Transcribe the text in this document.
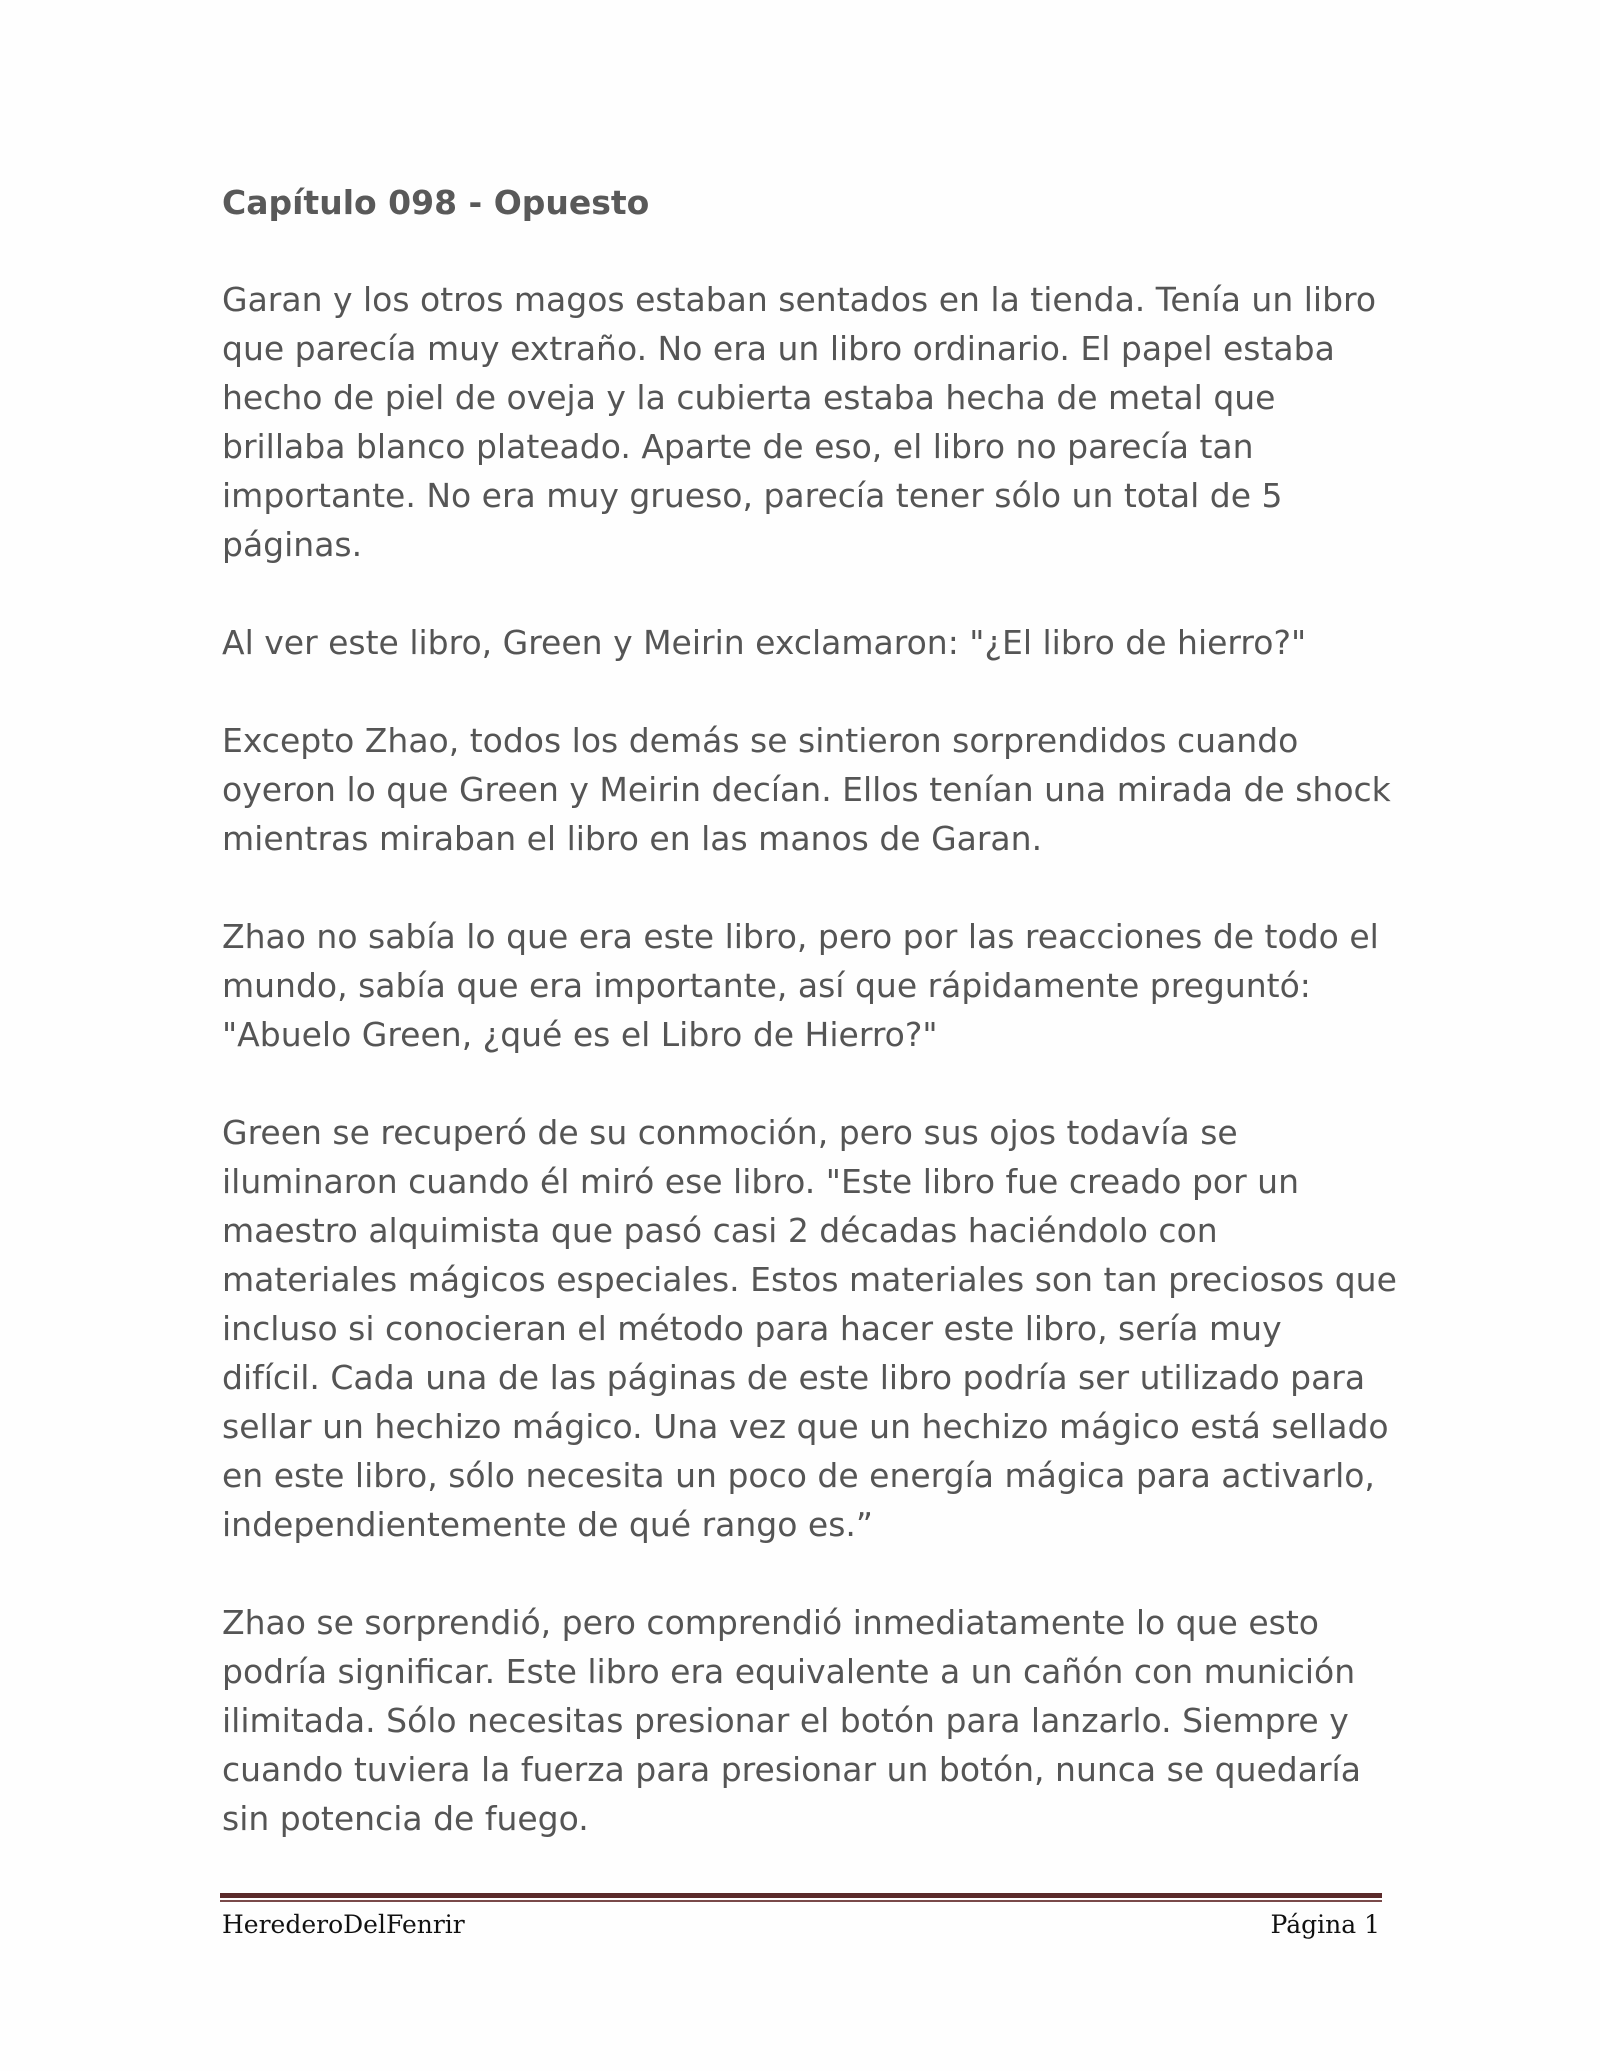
Capítulo 098 - Opuesto
Garan y los otros magos estaban sentados en la tienda. Tenía un libro
que parecía muy extraño. No era un libro ordinario. El papel estaba
hecho de piel de oveja y la cubierta estaba hecha de metal que
brillaba blanco plateado. Aparte de eso, el libro no parecía tan
importante. No era muy grueso, parecía tener sólo un total de 5
páginas.
Al ver este libro, Green y Meirin exclamaron: "¿El libro de hierro?"
Excepto Zhao, todos los demás se sintieron sorprendidos cuando
oyeron lo que Green y Meirin decían. Ellos tenían una mirada de shock
mientras miraban el libro en las manos de Garan.
Zhao no sabía lo que era este libro, pero por las reacciones de todo el
mundo, sabía que era importante, así que rápidamente preguntó:
"Abuelo Green, ¿qué es el Libro de Hierro?"
Green se recuperó de su conmoción, pero sus ojos todavía se
iluminaron cuando él miró ese libro. "Este libro fue creado por un
maestro alquimista que pasó casi 2 décadas haciéndolo con
materiales mágicos especiales. Estos materiales son tan preciosos que
incluso si conocieran el método para hacer este libro, sería muy
difícil. Cada una de las páginas de este libro podría ser utilizado para
sellar un hechizo mágico. Una vez que un hechizo mágico está sellado
en este libro, sólo necesita un poco de energía mágica para activarlo,
independientemente de qué rango es.”
Zhao se sorprendió, pero comprendió inmediatamente lo que esto
podría significar. Este libro era equivalente a un cañón con munición
ilimitada. Sólo necesitas presionar el botón para lanzarlo. Siempre y
cuando tuviera la fuerza para presionar un botón, nunca se quedaría
sin potencia de fuego.
HerederoDelFenrir	Página 1
